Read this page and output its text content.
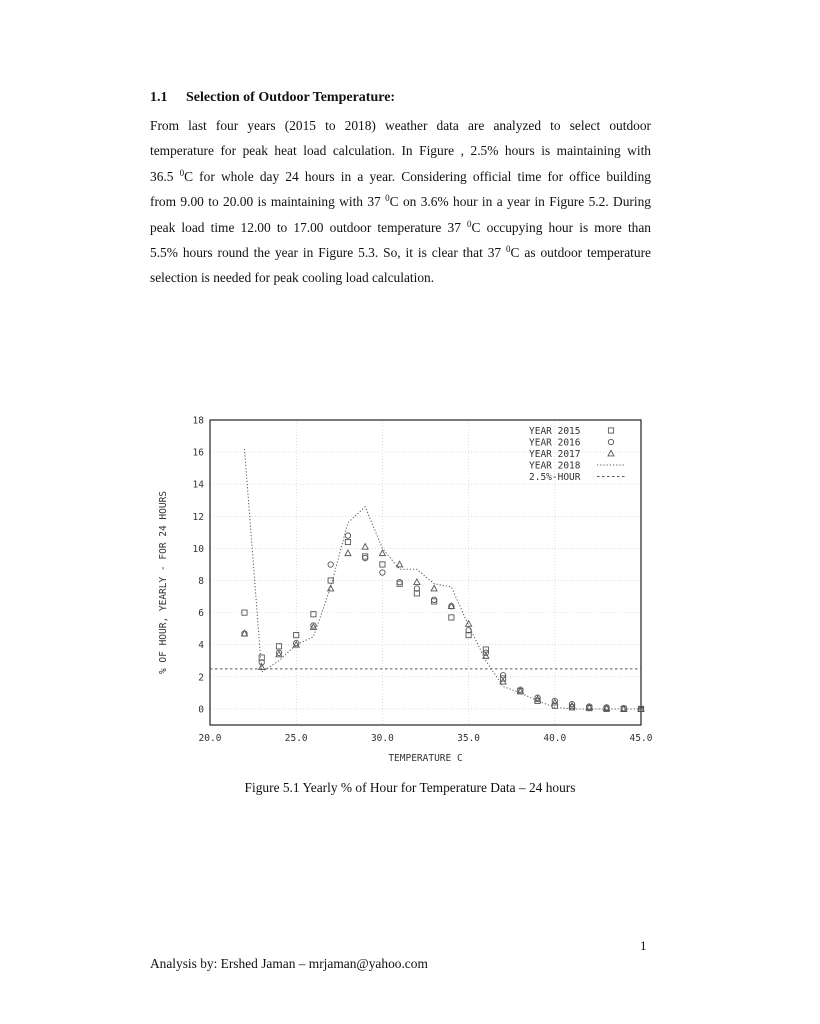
1.1 Selection of Outdoor Temperature:
From last four years (2015 to 2018) weather data are analyzed to select outdoor
temperature for peak heat load calculation. In Figure , 2.5% hours is maintaining with
36.5 $^0$C for whole day 24 hours in a year. Considering official time for office building
from 9.00 to 20.00 is maintaining with 37 $^0$C on 3.6% hour in a year in Figure 5.2. During
peak load time 12.00 to 17.00 outdoor temperature 37 $^0$C occupying hour is more than
5.5% hours round the year in Figure 5.3. So, it is clear that 37 $^0$C as outdoor temperature
selection is needed for peak cooling load calculation.
20.0	25.0	30.0	35.0	40.0	45.0
0
2
4
6
8
10
12
14
16
18
TEMPERATURE C
% OF HOUR, YEARLY - FOR 24 HOURS
YEAR 2015
YEAR 2016
YEAR 2017
YEAR 2018
2.5%-HOUR
Figure 5.1 Yearly % of Hour for Temperature Data – 24 hours
1
Analysis by: Ershed Jaman – mrjaman@yahoo.com
